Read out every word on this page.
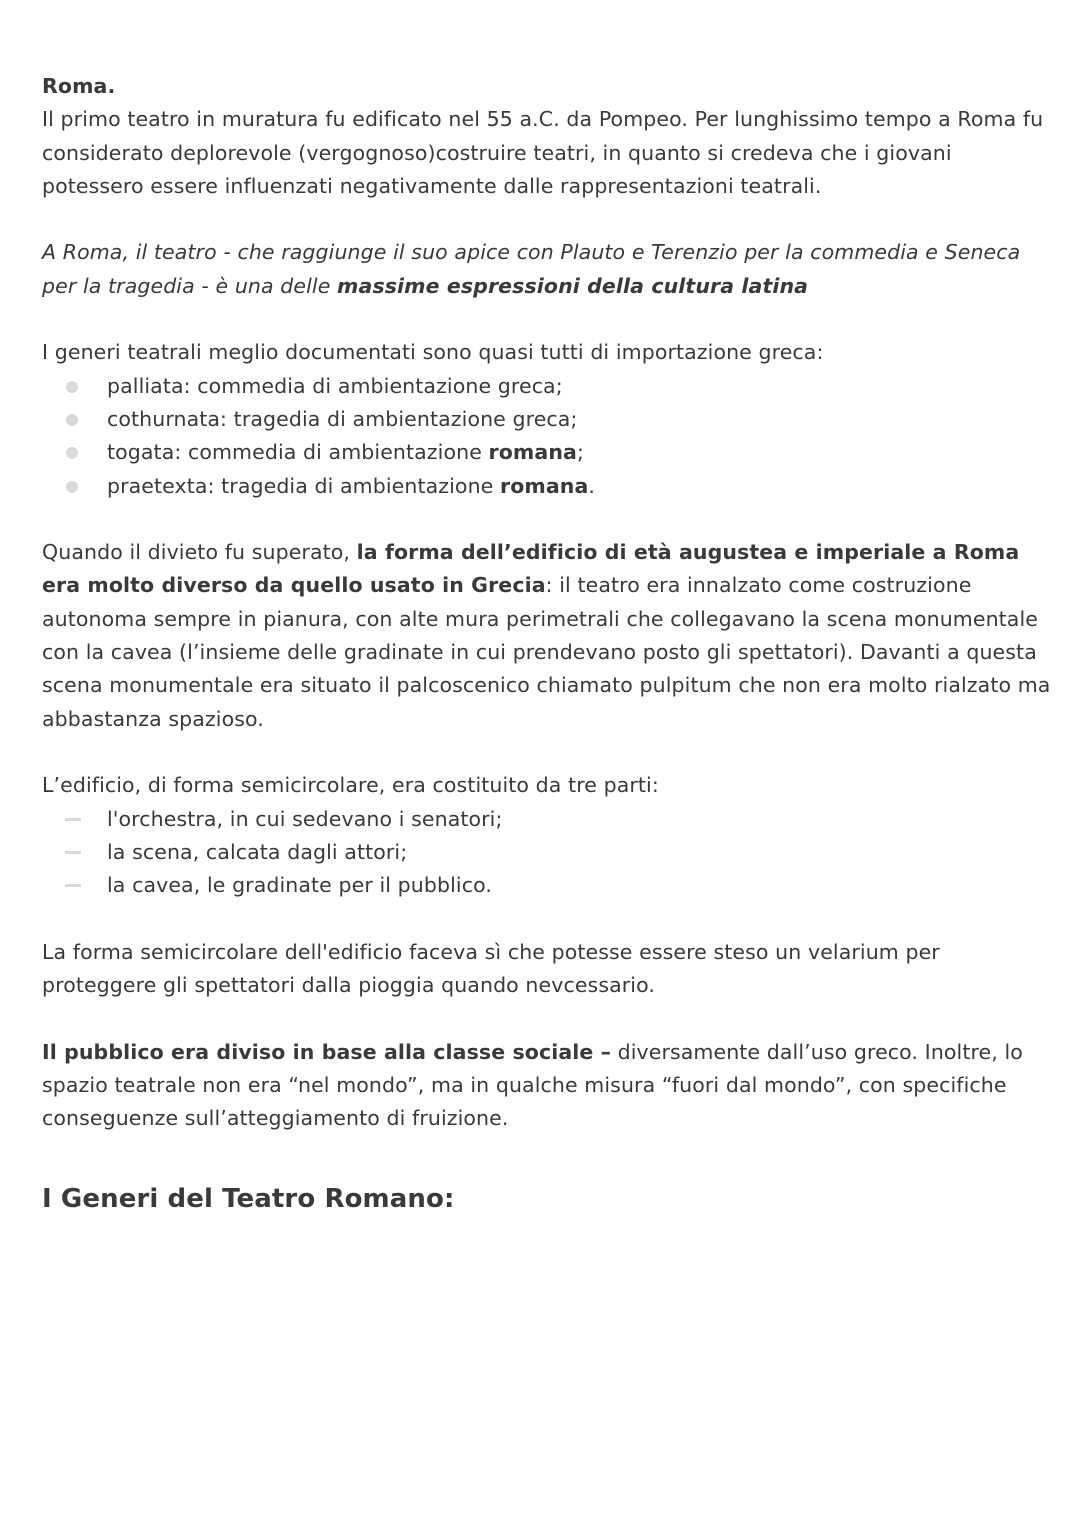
Roma.

Il primo teatro in muratura fu edificato nel 55 a.C. da Pompeo. Per lunghissimo tempo a Roma fu considerato deplorevole (vergognoso)costruire teatri, in quanto si credeva che i giovani potessero essere influenzati negativamente dalle rappresentazioni teatrali.

A Roma, il teatro - che raggiunge il suo apice con Plauto e Terenzio per la commedia e Seneca per la tragedia - è una delle massime espressioni della cultura latina

I generi teatrali meglio documentati sono quasi tutti di importazione greca:

palliata: commedia di ambientazione greca;
cothurnata: tragedia di ambientazione greca;
togata: commedia di ambientazione romana;
praetexta: tragedia di ambientazione romana.

Quando il divieto fu superato, la forma dell’edificio di età augustea e imperiale a Roma era molto diverso da quello usato in Grecia: il teatro era innalzato come costruzione autonoma sempre in pianura, con alte mura perimetrali che collegavano la scena monumentale con la cavea (l’insieme delle gradinate in cui prendevano posto gli spettatori). Davanti a questa scena monumentale era situato il palcoscenico chiamato pulpitum che non era molto rialzato ma abbastanza spazioso.

L’edificio, di forma semicircolare, era costituito da tre parti:

l'orchestra, in cui sedevano i senatori;
la scena, calcata dagli attori;
la cavea, le gradinate per il pubblico.

La forma semicircolare dell'edificio faceva sì che potesse essere steso un velarium per proteggere gli spettatori dalla pioggia quando nevcessario.

Il pubblico era diviso in base alla classe sociale – diversamente dall’uso greco. Inoltre, lo spazio teatrale non era “nel mondo”, ma in qualche misura “fuori dal mondo”, con specifiche conseguenze sull’atteggiamento di fruizione.

I Generi del Teatro Romano:
